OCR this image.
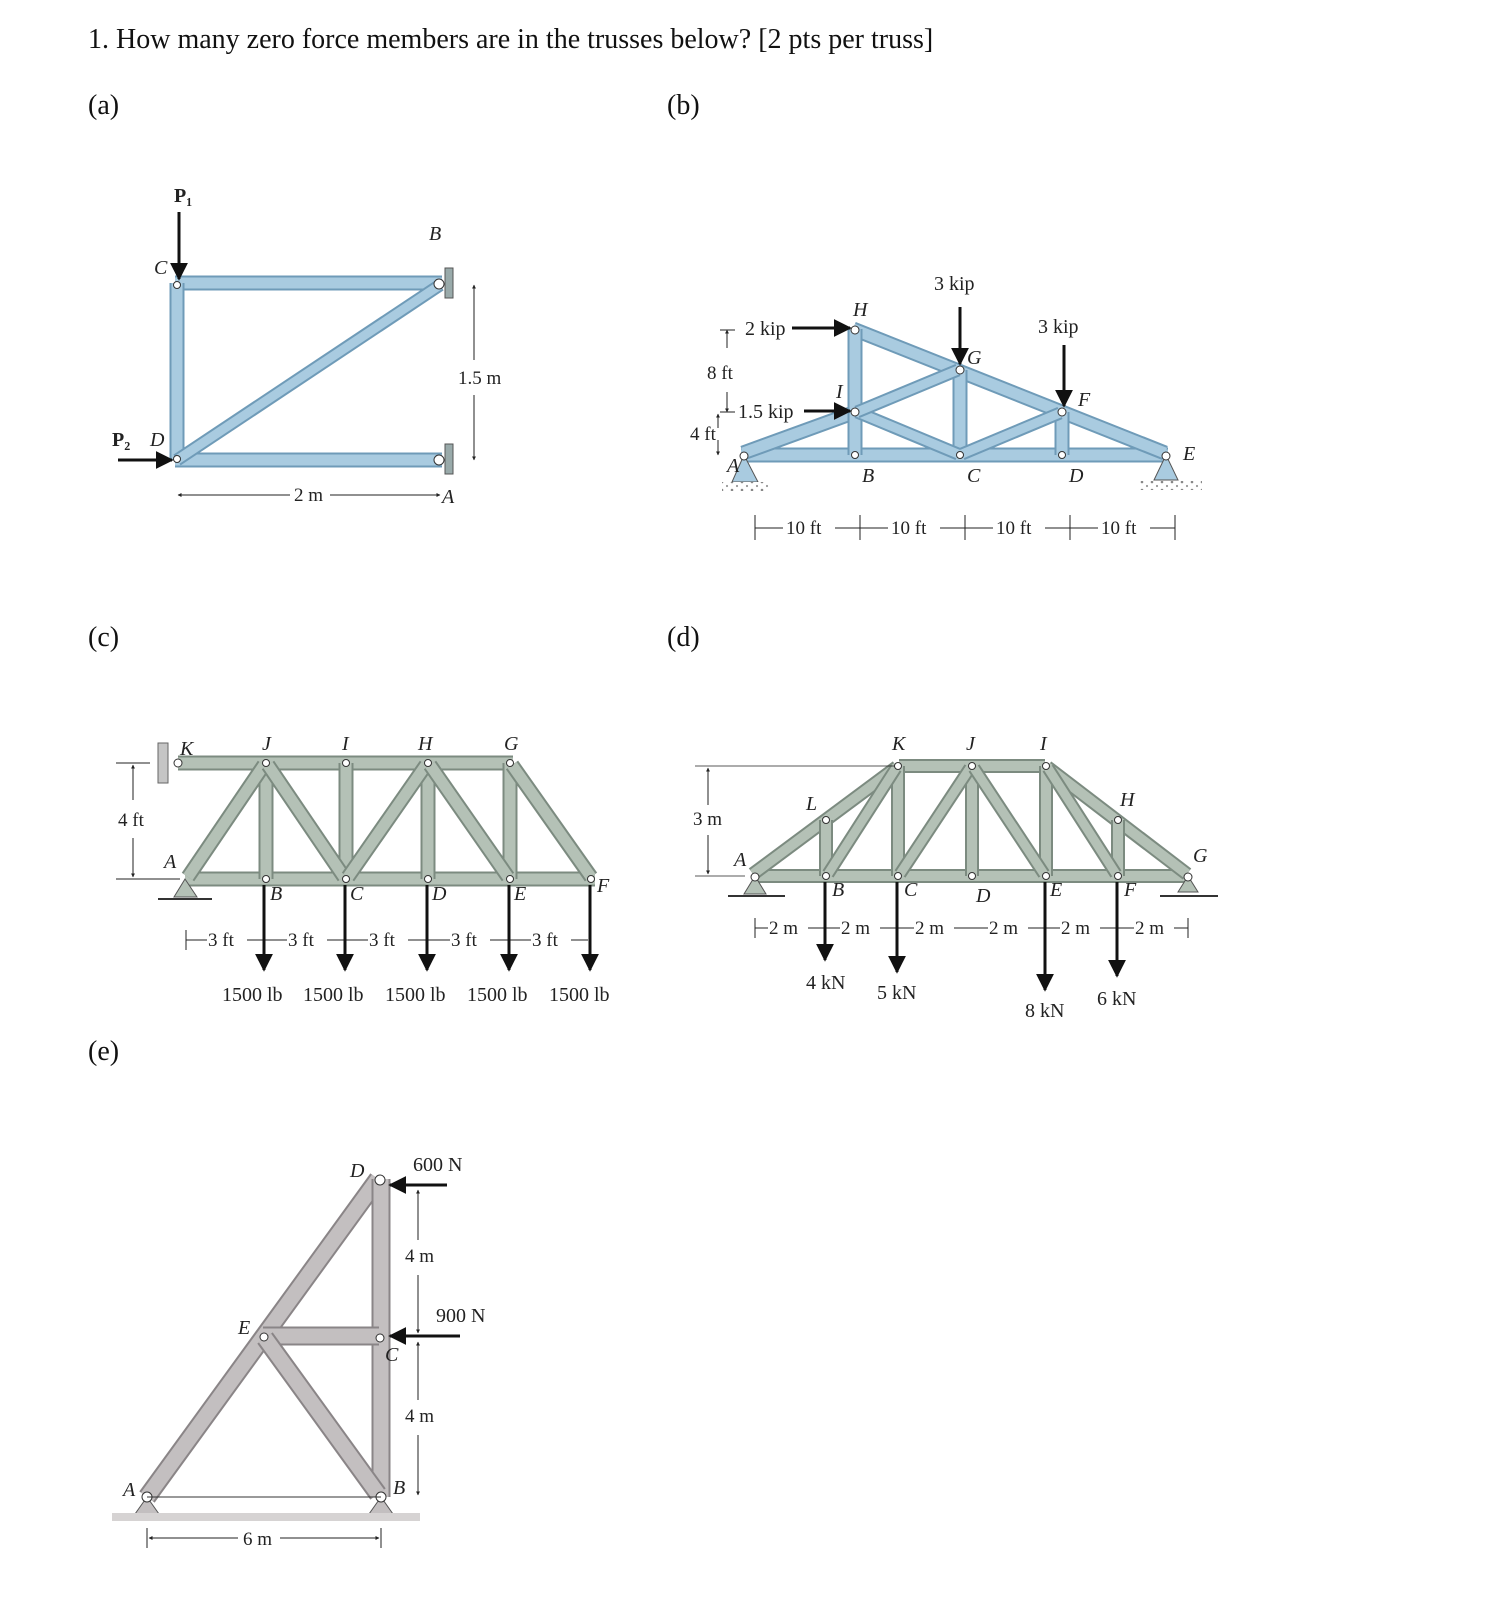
1. How many zero force members are in the trusses below? [2 pts per truss]
(a)	(b)
(c)	(d)
(e)
P₁
P₂
C
D
B
A
1.5 m
2 m
2 kip
1.5 kip
3 kip
3 kip
H
I
G
F
E
A	B	C	D
8 ft
4 ft
10 ft	10 ft	10 ft	10 ft
K	J	I	H	G
A
B	C	D	E	F
4 ft
3 ft	3 ft	3 ft	3 ft	3 ft
1500 lb 1500 lb 1500 lb 1500 lb 1500 lb
K	J	I
L	H
G
A
B	C	D	E	F
3 m
2 m 2 m 2 m 2 m 2 m 2 m
4 kN 5 kN
8 kN
6 kN
A	B
C
D
E
600 N
900 N
4 m
4 m
6 m
